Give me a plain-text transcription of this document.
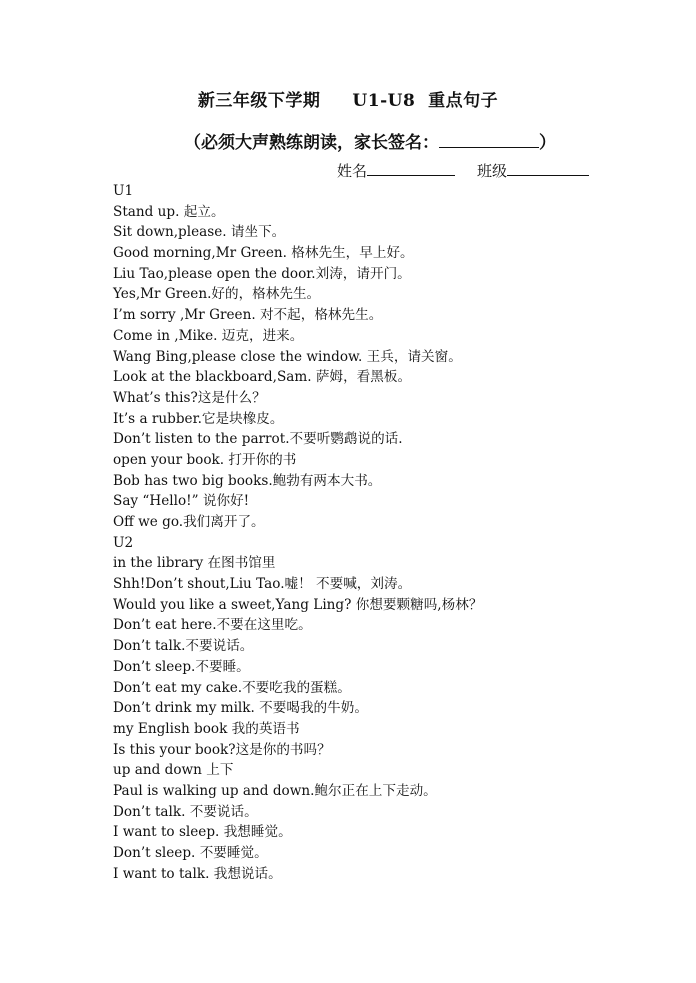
新三年级下学期     U1-U8  重点句子
（必须大声熟练朗读，家长签名：	）
姓名	班级
U1
Stand up. 起立。
Sit down,please. 请坐下。
Good morning,Mr Green. 格林先生，早上好。
Liu Tao,please open the door.刘涛，请开门。
Yes,Mr Green.好的，格林先生。
I’m sorry ,Mr Green. 对不起，格林先生。
Come in ,Mike. 迈克，进来。
Wang Bing,please close the window. 王兵，请关窗。
Look at the blackboard,Sam. 萨姆，看黑板。
What’s this?这是什么？
It’s a rubber.它是块橡皮。
Don’t listen to the parrot.不要听鹦鹉说的话.
open your book. 打开你的书
Bob has two big books.鲍勃有两本大书。
Say “Hello!” 说你好!
Off we go.我们离开了。
U2
in the library 在图书馆里
Shh!Don’t shout,Liu Tao.嘘！ 不要喊，刘涛。
Would you like a sweet,Yang Ling? 你想要颗糖吗,杨林？
Don’t eat here.不要在这里吃。
Don’t talk.不要说话。
Don’t sleep.不要睡。
Don’t eat my cake.不要吃我的蛋糕。
Don’t drink my milk. 不要喝我的牛奶。
my English book 我的英语书
Is this your book?这是你的书吗？
up and down 上下
Paul is walking up and down.鲍尔正在上下走动。
Don’t talk. 不要说话。
I want to sleep. 我想睡觉。
Don’t sleep. 不要睡觉。
I want to talk. 我想说话。
